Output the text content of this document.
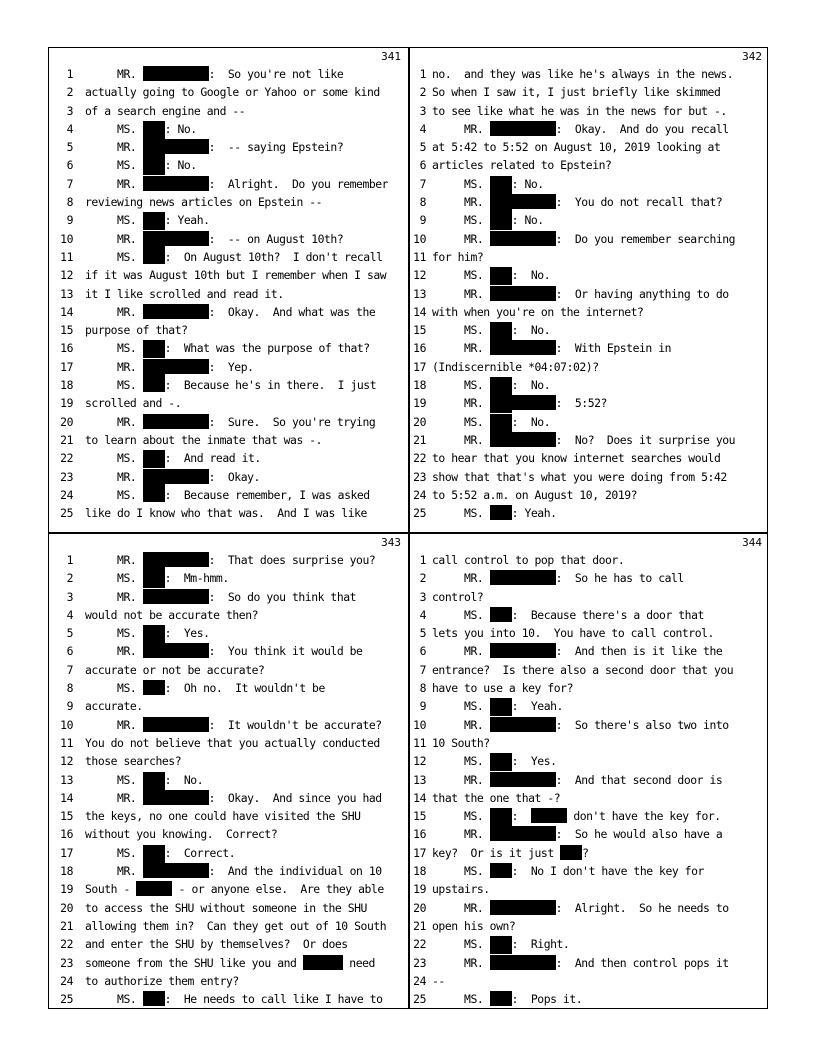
341
1 MR.	:  So you're not like
2 actually going to Google or Yahoo or some kind
3 of a search engine and --
4 MS. : No.
5 MR.	:  -- saying Epstein?
6 MS. : No.
7 MR.	:  Alright.  Do you remember
8 reviewing news articles on Epstein --
9 MS. : Yeah.
10 MR.	:  -- on August 10th?
11 MS. :  On August 10th?  I don't recall
12 if it was August 10th but I remember when I saw
13 it I like scrolled and read it.
14 MR.	:  Okay.  And what was the
15 purpose of that?
16 MS. :  What was the purpose of that?
17 MR.	:  Yep.
18 MS. :  Because he's in there.  I just
19 scrolled and -.
20 MR.	:  Sure.  So you're trying
21 to learn about the inmate that was -.
22 MS. :  And read it.
23 MR.	:  Okay.
24 MS. :  Because remember, I was asked
25 like do I know who that was.  And I was like
342
1 no.  and they was like he's always in the news.
2 So when I saw it, I just briefly like skimmed
3 to see like what he was in the news for but -.
4 MR.	:  Okay.  And do you recall
5 at 5:42 to 5:52 on August 10, 2019 looking at
6 articles related to Epstein?
7 MS. : No.
8 MR.	:  You do not recall that?
9 MS. : No.
10 MR.	:  Do you remember searching
11 for him?
12 MS. :  No.
13 MR.	:  Or having anything to do
14 with when you're on the internet?
15 MS. :  No.
16 MR.	:  With Epstein in
17 (Indiscernible *04:07:02)?
18 MS. :  No.
19 MR.	:  5:52?
20 MS. :  No.
21 MR.	:  No?  Does it surprise you
22 to hear that you know internet searches would
23 show that that's what you were doing from 5:42
24 to 5:52 a.m. on August 10, 2019?
25 MS. : Yeah.
343
1 MR.	:  That does surprise you?
2 MS. :  Mm-hmm.
3 MR.	:  So do you think that
4 would not be accurate then?
5 MS. :  Yes.
6 MR.	:  You think it would be
7 accurate or not be accurate?
8 MS. :  Oh no.  It wouldn't be
9 accurate.
10 MR.	:  It wouldn't be accurate?
11 You do not believe that you actually conducted
12 those searches?
13 MS. :  No.
14 MR.	:  Okay.  And since you had
15 the keys, no one could have visited the SHU
16 without you knowing.  Correct?
17 MS. :  Correct.
18 MR.	:  And the individual on 10
19 South -	- or anyone else.  Are they able
20 to access the SHU without someone in the SHU
21 allowing them in?  Can they get out of 10 South
22 and enter the SHU by themselves?  Or does
23 someone from the SHU like you and	need
24 to authorize them entry?
25 MS. :  He needs to call like I have to
344
1 call control to pop that door.
2 MR.	:  So he has to call
3 control?
4 MS. :  Because there's a door that
5 lets you into 10.  You have to call control.
6 MR.	:  And then is it like the
7 entrance?  Is there also a second door that you
8 have to use a key for?
9 MS. :  Yeah.
10 MR.	:  So there's also two into
11 10 South?
12 MS. :  Yes.
13 MR.	:  And that second door is
14 that the one that -?
15 MS. :	don't have the key for.
16 MR.	:  So he would also have a
17 key?  Or is it just ?
18 MS. :  No I don't have the key for
19 upstairs.
20 MR.	:  Alright.  So he needs to
21 open his own?
22 MS. :  Right.
23 MR.	:  And then control pops it
24 --
25 MS. :  Pops it.
